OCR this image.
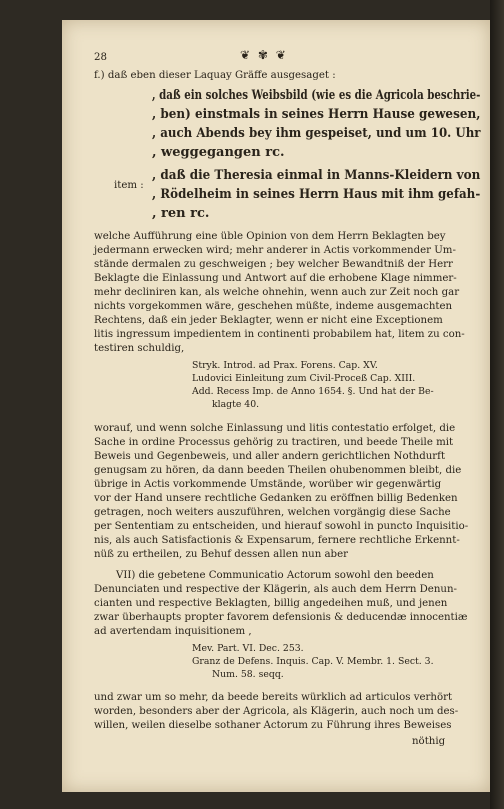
28	❦ ✾ ❦
f.) daß eben dieser Laquay Gräffe ausgesaget :
, daß ein solches Weibsbild (wie es die Agricola beschrie-
, ben) einstmals in seines Herrn Hause gewesen,
, auch Abends bey ihm gespeiset, und um 10. Uhr
, weggegangen rc.
item :
, daß die Theresia einmal in Manns-Kleidern von
, Rödelheim in seines Herrn Haus mit ihm gefah-
, ren rc.
welche Aufführung eine üble Opinion von dem Herrn Beklagten bey
jedermann erwecken wird; mehr anderer in Actis vorkommender Um-
stände dermalen zu geschweigen ; bey welcher Bewandtniß der Herr
Beklagte die Einlassung und Antwort auf die erhobene Klage nimmer-
mehr decliniren kan, als welche ohnehin, wenn auch zur Zeit noch gar
nichts vorgekommen wäre, geschehen müßte, indeme ausgemachten
Rechtens, daß ein jeder Beklagter, wenn er nicht eine Exceptionem
litis ingressum impedientem in continenti probabilem hat, litem zu con-
testiren schuldig,
Stryk. Introd. ad Prax. Forens. Cap. XV.
Ludovici Einleitung zum Civil-Proceß Cap. XIII.
Add. Recess Imp. de Anno 1654. §. Und hat der Be-
klagte 40.
worauf, und wenn solche Einlassung und litis contestatio erfolget, die
Sache in ordine Processus gehörig zu tractiren, und beede Theile mit
Beweis und Gegenbeweis, und aller andern gerichtlichen Nothdurft
genugsam zu hören, da dann beeden Theilen ohubenommen bleibt, die
übrige in Actis vorkommende Umstände, worüber wir gegenwärtig
vor der Hand unsere rechtliche Gedanken zu eröffnen billig Bedenken
getragen, noch weiters auszuführen, welchen vorgängig diese Sache
per Sententiam zu entscheiden, und hierauf sowohl in puncto Inquisitio-
nis, als auch Satisfactionis & Expensarum, fernere rechtliche Erkennt-
nüß zu ertheilen, zu Behuf dessen allen nun aber
VII) die gebetene Communicatio Actorum sowohl den beeden
Denunciaten und respective der Klägerin, als auch dem Herrn Denun-
cianten und respective Beklagten, billig angedeihen muß, und jenen
zwar überhaupts propter favorem defensionis & deducendæ innocentiæ
ad avertendam inquisitionem ,
Mev. Part. VI. Dec. 253.
Granz de Defens. Inquis. Cap. V. Membr. 1. Sect. 3.
Num. 58. seqq.
und zwar um so mehr, da beede bereits würklich ad articulos verhört
worden, besonders aber der Agricola, als Klägerin, auch noch um des-
willen, weilen dieselbe sothaner Actorum zu Führung ihres Beweises
nöthig
